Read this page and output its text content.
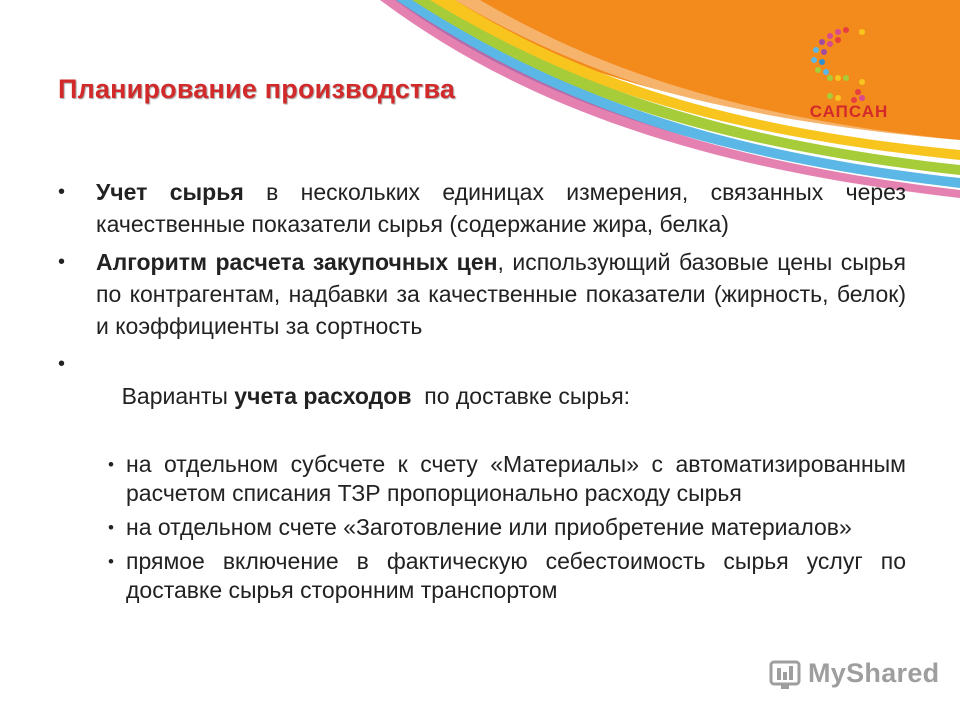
Планирование производства
САПСАН
• Учет сырья в нескольких единицах измерения, связанных через качественные показатели сырья (содержание жира, белка)
• Алгоритм расчета закупочных цен, использующий базовые цены сырья по контрагентам, надбавки за качественные показатели (жирность, белок) и коэффициенты за сортность

•
Варианты учета расходов  по доставке сырья:

• на отдельном субсчете к счету «Материалы» с автоматизированным расчетом списания ТЗР пропорционально расходу сырья
• на отдельном счете «Заготовление или приобретение материалов»
• прямое включение в фактическую себестоимость сырья услуг по доставке сырья сторонним транспортом
MyShared
